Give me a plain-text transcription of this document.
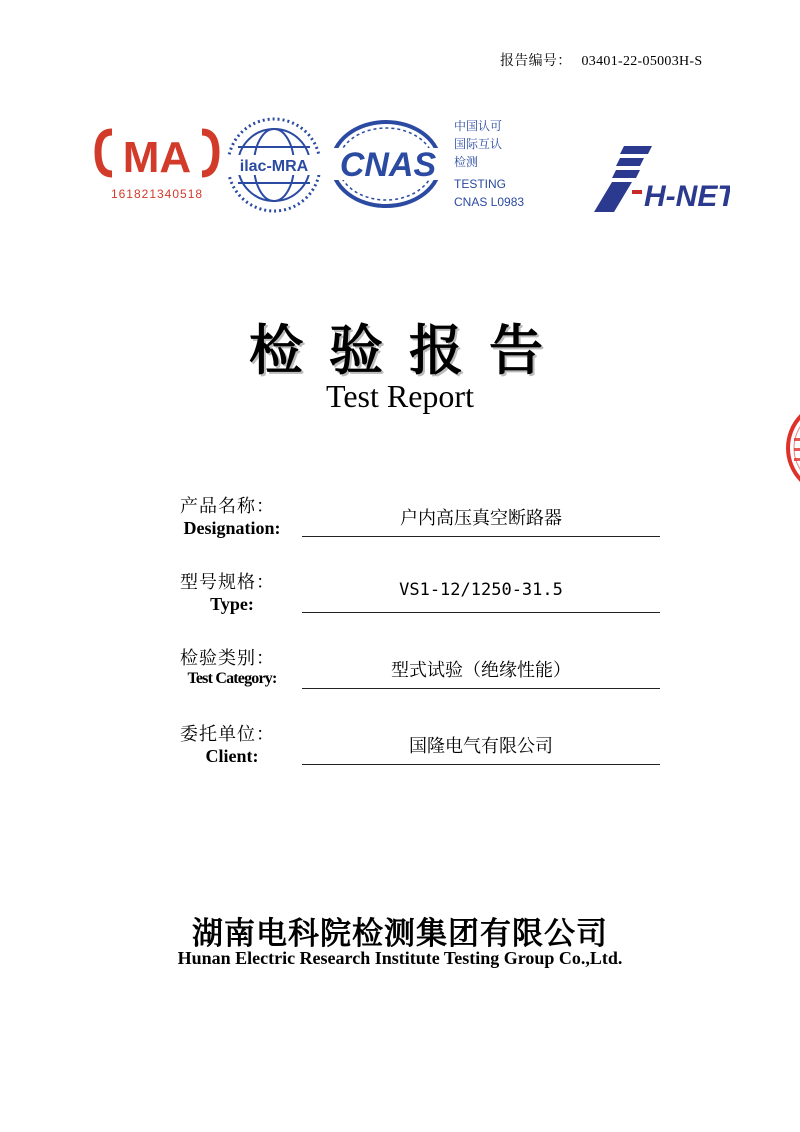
报告编号： 03401-22-05003H-S
MA
161821340518
ilac-MRA CNAS
中国认可
国际互认
检测
TESTING
CNAS L0983	H-NET
检验报告
Test Report
产品名称：
Designation:	户内高压真空断路器
型号规格：
Type:
VS1-12/1250-31.5
检验类别：
Test Category:	型式试验（绝缘性能）
委托单位：
Client:	国隆电气有限公司
湖南电科院检测集团有限公司
Hunan Electric Research Institute Testing Group Co.,Ltd.
